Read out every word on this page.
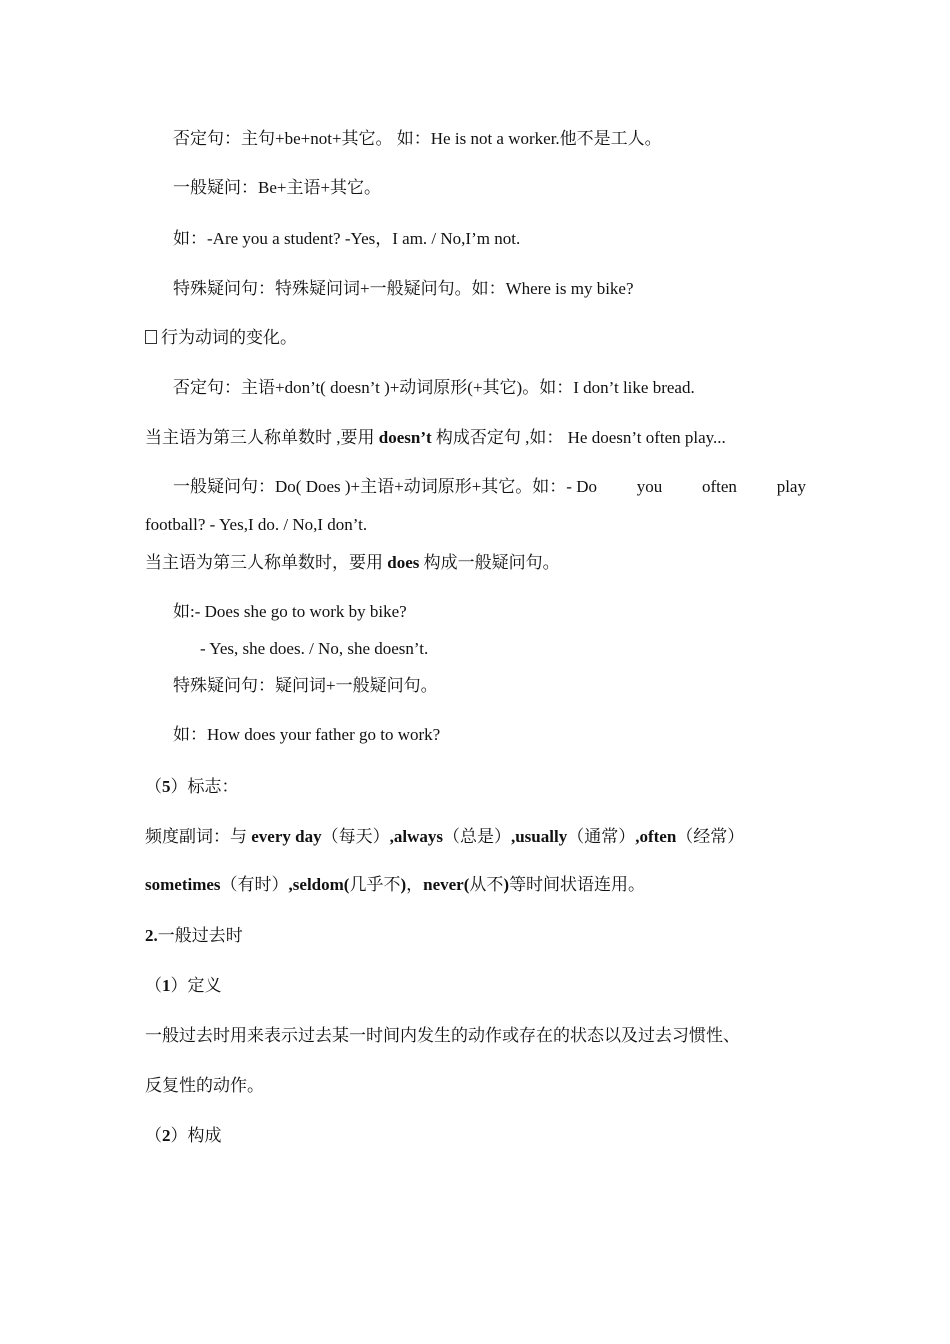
否定句：主句+be+not+其它。 如：He is not a worker.他不是工人。
一般疑问：Be+主语+其它。
如：-Are you a student? -Yes，I am. / No,I’m not.
特殊疑问句：特殊疑问词+一般疑问句。如：Where is my bike?
行为动词的变化。
否定句：主语+don’t( doesn’t )+动词原形(+其它)。如：I don’t like bread.
当主语为第三人称单数时 ,要用 doesn’t 构成否定句 ,如： He doesn’t often play...
一般疑问句：Do( Does )+主语+动词原形+其它。如：- Do you often play
football? - Yes,I do. / No,I don’t.
当主语为第三人称单数时，要用 does 构成一般疑问句。
如:- Does she go to work by bike?
- Yes, she does. / No, she doesn’t.
特殊疑问句：疑问词+一般疑问句。
如：How does your father go to work?
（5）标志：
频度副词：与 every day（每天）,always（总是）,usually（通常）,often（经常）
sometimes（有时）,seldom(几乎不)，never(从不)等时间状语连用。
2.一般过去时
（1）定义
一般过去时用来表示过去某一时间内发生的动作或存在的状态以及过去习惯性、
反复性的动作。
（2）构成
